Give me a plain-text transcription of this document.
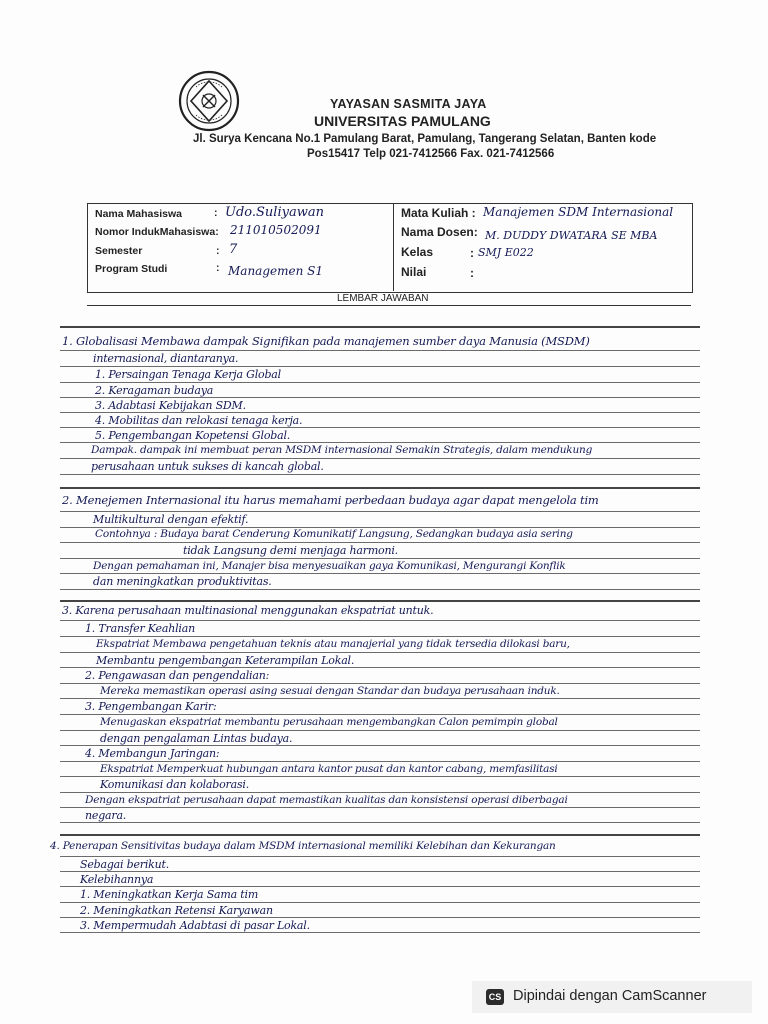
YAYASAN SASMITA JAYA
UNIVERSITAS PAMULANG
Jl. Surya Kencana No.1 Pamulang Barat, Pamulang, Tangerang Selatan, Banten kode
Pos15417 Telp 021-7412566 Fax. 021-7412566
Nama Mahasiswa	: Udo.Suliyawan
Nomor IndukMahasiswa: 211010502091
Semester	: 7
Program Studi	: Managemen S1
Mata Kuliah : Manajemen SDM Internasional
Nama Dosen: M. DUDDY DWATARA SE MBA
Kelas	: SMJ E022
Nilai	:
LEMBAR JAWABAN
1. Globalisasi Membawa dampak Signifikan pada manajemen sumber daya Manusia (MSDM)
internasional, diantaranya.
1. Persaingan Tenaga Kerja Global
2. Keragaman budaya
3. Adabtasi Kebijakan SDM.
4. Mobilitas dan relokasi tenaga kerja.
5. Pengembangan Kopetensi Global.
Dampak. dampak ini membuat peran MSDM internasional Semakin Strategis, dalam mendukung
perusahaan untuk sukses di kancah global.
2. Menejemen Internasional itu harus memahami perbedaan budaya agar dapat mengelola tim
Multikultural dengan efektif.
Contohnya : Budaya barat Cenderung Komunikatif Langsung, Sedangkan budaya asia sering
tidak Langsung demi menjaga harmoni.
Dengan pemahaman ini, Manajer bisa menyesuaikan gaya Komunikasi, Mengurangi Konflik
dan meningkatkan produktivitas.
3. Karena perusahaan multinasional menggunakan ekspatriat untuk.
1. Transfer Keahlian
Ekspatriat Membawa pengetahuan teknis atau manajerial yang tidak tersedia dilokasi baru,
Membantu pengembangan Keterampilan Lokal.
2. Pengawasan dan pengendalian:
Mereka memastikan operasi asing sesuai dengan Standar dan budaya perusahaan induk.
3. Pengembangan Karir:
Menugaskan ekspatriat membantu perusahaan mengembangkan Calon pemimpin global
dengan pengalaman Lintas budaya.
4. Membangun Jaringan:
Ekspatriat Memperkuat hubungan antara kantor pusat dan kantor cabang, memfasilitasi
Komunikasi dan kolaborasi.
Dengan ekspatriat perusahaan dapat memastikan kualitas dan konsistensi operasi diberbagai
negara.
4. Penerapan Sensitivitas budaya dalam MSDM internasional memiliki Kelebihan dan Kekurangan
Sebagai berikut.
Kelebihannya
1. Meningkatkan Kerja Sama tim
2. Meningkatkan Retensi Karyawan
3. Mempermudah Adabtasi di pasar Lokal.
CS Dipindai dengan CamScanner
